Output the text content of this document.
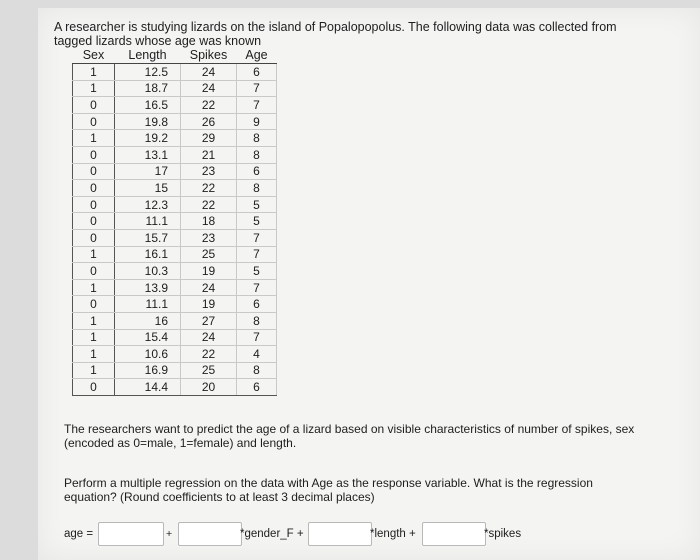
A researcher is studying lizards on the island of Popalopopolus. The following data was collected from
tagged lizards whose age was known
Sex	Length	Spikes	Age
1	12.5	24	6
1	18.7	24	7
0	16.5	22	7
0	19.8	26	9
1	19.2	29	8
0	13.1	21	8
0	17	23	6
0	15	22	8
0	12.3	22	5
0	11.1	18	5
0	15.7	23	7
1	16.1	25	7
0	10.3	19	5
1	13.9	24	7
0	11.1	19	6
1	16	27	8
1	15.4	24	7
1	10.6	22	4
1	16.9	25	8
0	14.4	20	6
The researchers want to predict the age of a lizard based on visible characteristics of number of spikes, sex
(encoded as 0=male, 1=female) and length.
Perform a multiple regression on the data with Age as the response variable. What is the regression
equation? (Round coefficients to at least 3 decimal places)
age =	+	*gender_F +	*length +	*spikes
